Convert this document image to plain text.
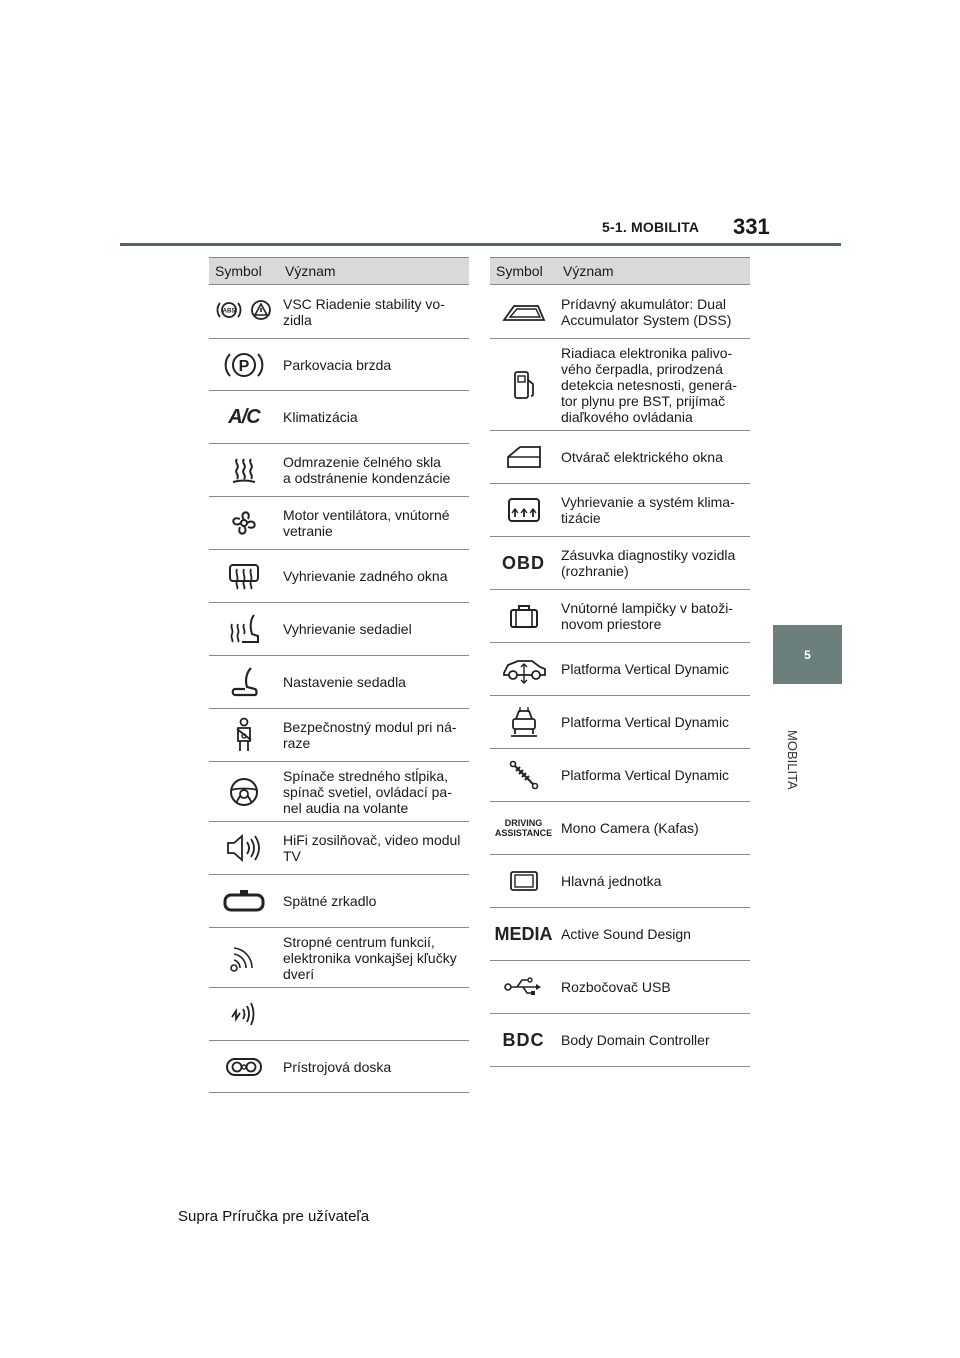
5-1. MOBILITA 331
5
MOBILITA
Symbol	Význam

ABS	VSC Riadenie stability vo-
zidla

P	Parkovacia brzda
A/C	Klimatizácia
	Odmrazenie čelného skla
a odstránenie kondenzácie
	Motor ventilátora, vnútorné
vetranie
	Vyhrievanie zadného okna
	Vyhrievanie sedadiel
	Nastavenie sedadla
	Bezpečnostný modul pri ná-
raze
	Spínače stredného stĺpika,
spínač svetiel, ovládací pa-
nel audia na volante
	HiFi zosilňovač, video modul
TV
	Spätné zrkadlo
	Stropné centrum funkcií,
elektronika vonkajšej kľučky
dverí

	Prístrojová doska
Symbol	Význam
	Prídavný akumulátor: Dual
Accumulator System (DSS)
	Riadiaca elektronika palivo-
vého čerpadla, prirodzená
detekcia netesnosti, generá-
tor plynu pre BST, prijímač
diaľkového ovládania
	Otvárač elektrického okna
	Vyhrievanie a systém klima-
tizácie
OBD	Zásuvka diagnostiky vozidla
(rozhranie)
	Vnútorné lampičky v batoži-
novom priestore
	Platforma Vertical Dynamic
	Platforma Vertical Dynamic
	Platforma Vertical Dynamic
DRIVING
ASSISTANCE	Mono Camera (Kafas)
	Hlavná jednotka
MEDIA	Active Sound Design
	Rozbočovač USB
BDC	Body Domain Controller
Supra Príručka pre užívateľa
